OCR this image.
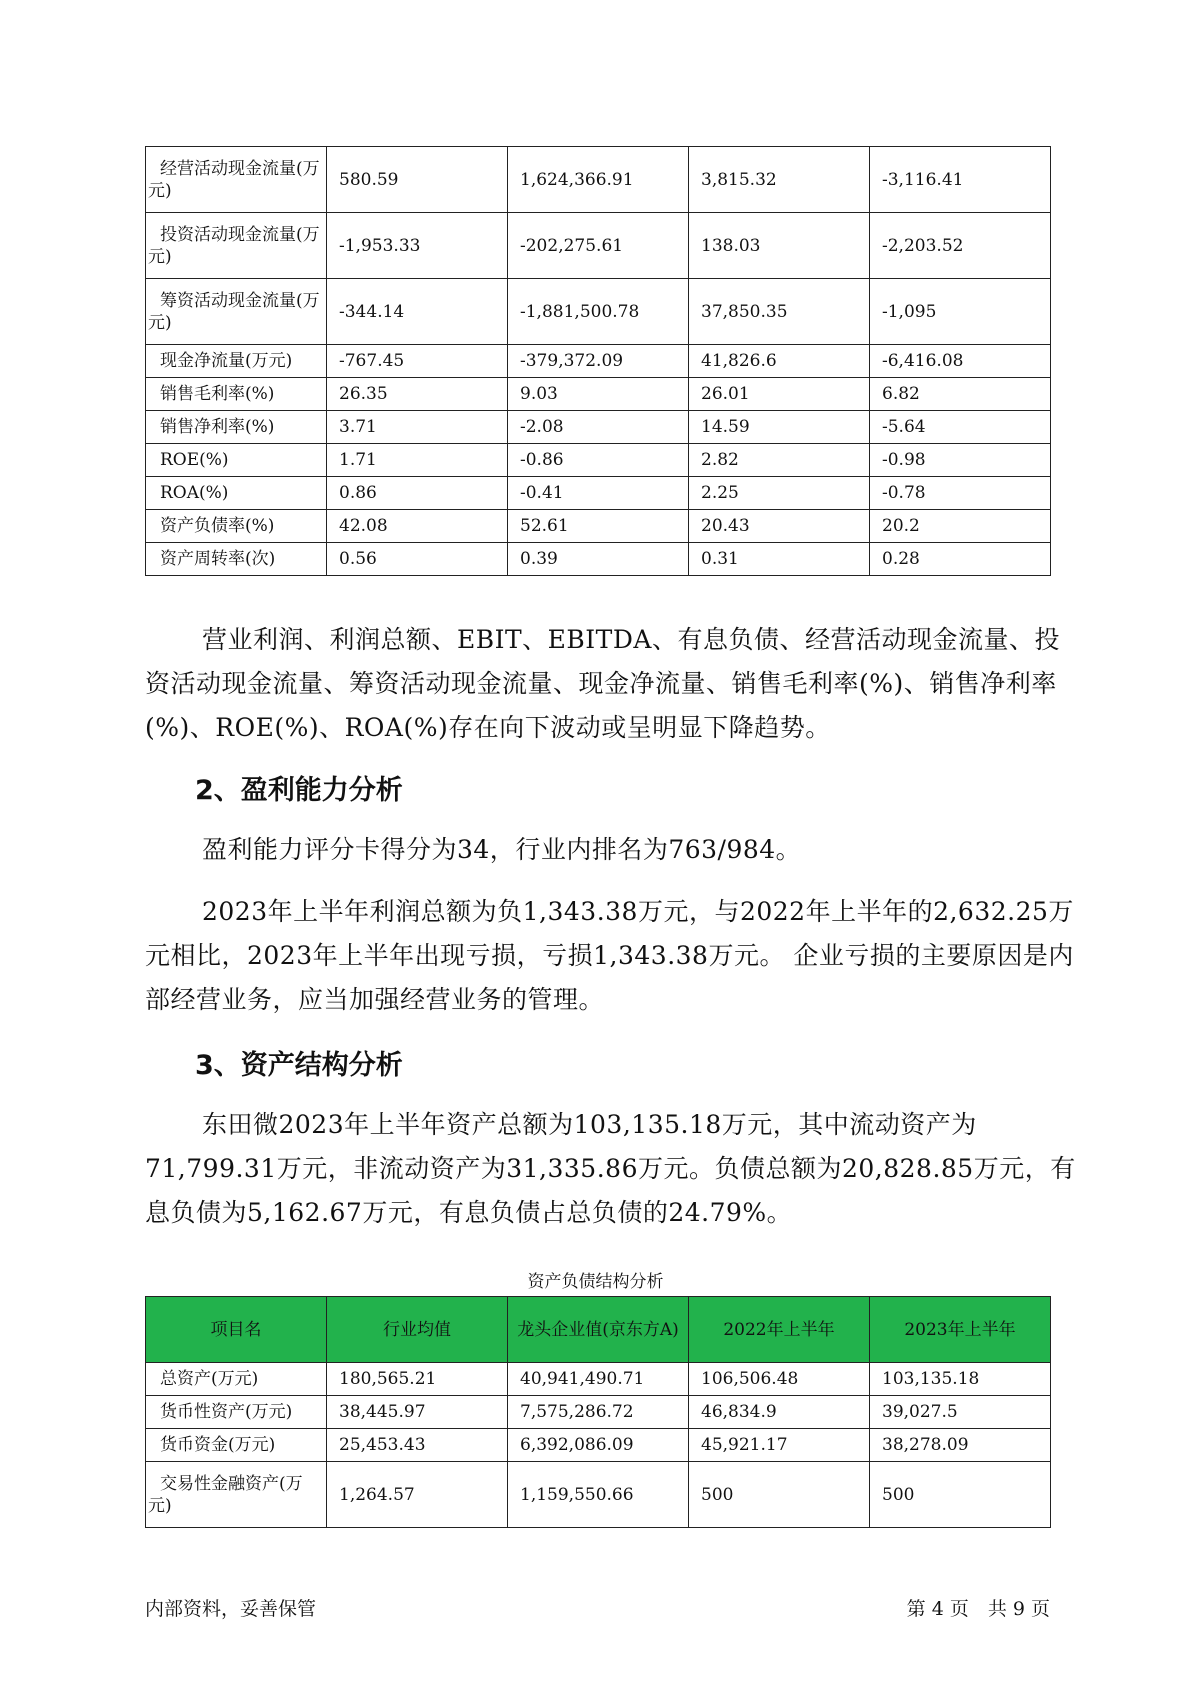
经营活动现金流量(万元)	580.59	1,624,366.91	3,815.32	-3,116.41
投资活动现金流量(万元)	-1,953.33	-202,275.61	138.03	-2,203.52
筹资活动现金流量(万元)	-344.14	-1,881,500.78	37,850.35	-1,095
现金净流量(万元)	-767.45	-379,372.09	41,826.6	-6,416.08
销售毛利率(%)	26.35	9.03	26.01	6.82
销售净利率(%)	3.71	-2.08	14.59	-5.64
ROE(%)	1.71	-0.86	2.82	-0.98
ROA(%)	0.86	-0.41	2.25	-0.78
资产负债率(%)	42.08	52.61	20.43	20.2
资产周转率(次)	0.56	0.39	0.31	0.28

营业利润、利润总额、EBIT、EBITDA、有息负债、经营活动现金流量、投资活动现金流量、筹资活动现金流量、现金净流量、销售毛利率(%)、销售净利率(%)、ROE(%)、ROA(%)存在向下波动或呈明显下降趋势。

2、盈利能力分析

盈利能力评分卡得分为34，行业内排名为763/984。

2023年上半年利润总额为负1,343.38万元，与2022年上半年的2,632.25万元相比，2023年上半年出现亏损，亏损1,343.38万元。 企业亏损的主要原因是内部经营业务，应当加强经营业务的管理。

3、资产结构分析

东田微2023年上半年资产总额为103,135.18万元，其中流动资产为71,799.31万元，非流动资产为31,335.86万元。负债总额为20,828.85万元，有息负债为5,162.67万元，有息负债占总负债的24.79%。

资产负债结构分析
项目名	行业均值	龙头企业值(京东方A)	2022年上半年	2023年上半年
总资产(万元)	180,565.21	40,941,490.71	106,506.48	103,135.18
货币性资产(万元)	38,445.97	7,575,286.72	46,834.9	39,027.5
货币资金(万元)	25,453.43	6,392,086.09	45,921.17	38,278.09
交易性金融资产(万元)	1,264.57	1,159,550.66	500	500
内部资料，妥善保管	第 4 页　共 9 页
